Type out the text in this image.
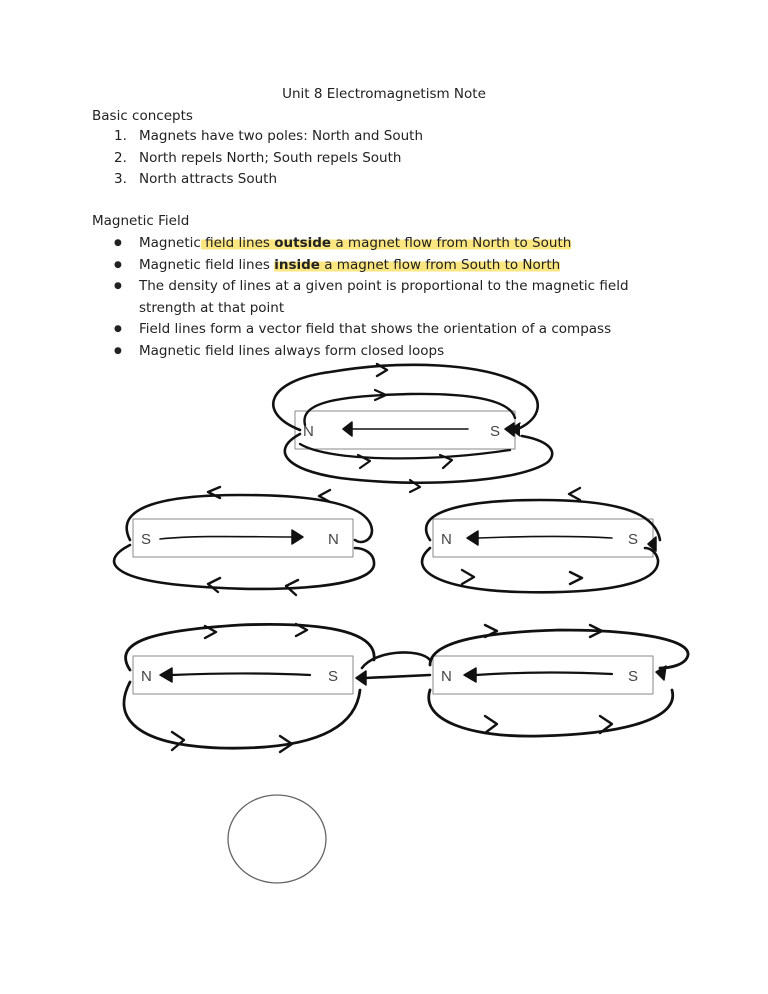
Unit 8 Electromagnetism Note
Basic concepts
1. Magnets have two poles: North and South
2. North repels North; South repels South
3. North attracts South
Magnetic Field
● Magnetic field lines outside a magnet flow from North to South
● Magnetic field lines inside a magnet flow from South to North
● The density of lines at a given point is proportional to the magnetic field strength at that point
● Field lines form a vector field that shows the orientation of a compass
● Magnetic field lines always form closed loops
N	S
S	N	N	S
N	S	N	S
